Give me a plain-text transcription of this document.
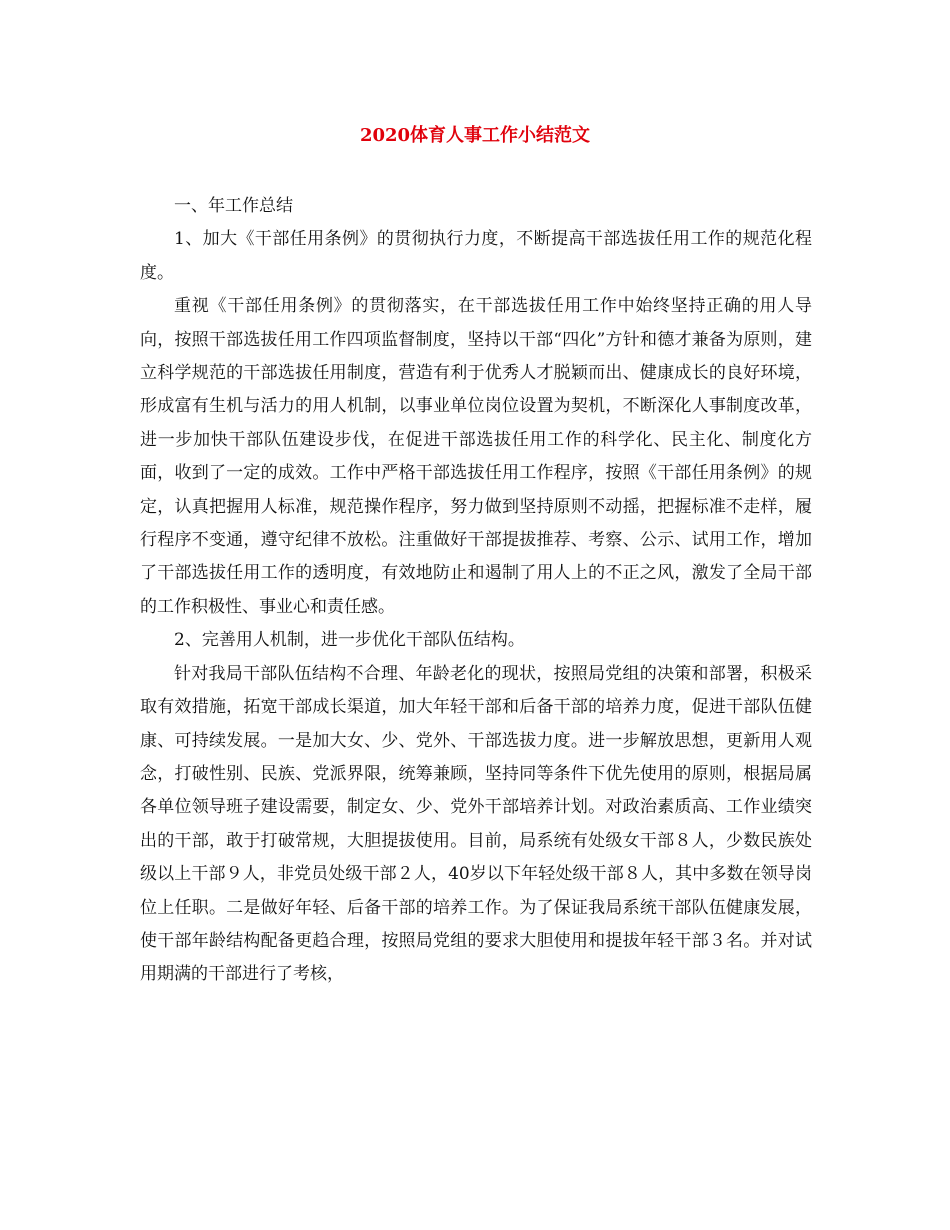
2020体育人事工作小结范文

一、年工作总结

1、加大《干部任用条例》的贯彻执行力度，不断提高干部选拔任用工作的规范化程度。

重视《干部任用条例》的贯彻落实，在干部选拔任用工作中始终坚持正确的用人导向，按照干部选拔任用工作四项监督制度，坚持以干部“四化”方针和德才兼备为原则，建立科学规范的干部选拔任用制度，营造有利于优秀人才脱颖而出、健康成长的良好环境，形成富有生机与活力的用人机制，以事业单位岗位设置为契机，不断深化人事制度改革，进一步加快干部队伍建设步伐，在促进干部选拔任用工作的科学化、民主化、制度化方面，收到了一定的成效。工作中严格干部选拔任用工作程序，按照《干部任用条例》的规定，认真把握用人标准，规范操作程序，努力做到坚持原则不动摇，把握标准不走样，履行程序不变通，遵守纪律不放松。注重做好干部提拔推荐、考察、公示、试用工作，增加了干部选拔任用工作的透明度，有效地防止和遏制了用人上的不正之风，激发了全局干部的工作积极性、事业心和责任感。

2、完善用人机制，进一步优化干部队伍结构。

针对我局干部队伍结构不合理、年龄老化的现状，按照局党组的决策和部署，积极采取有效措施，拓宽干部成长渠道，加大年轻干部和后备干部的培养力度，促进干部队伍健康、可持续发展。一是加大女、少、党外、干部选拔力度。进一步解放思想，更新用人观念，打破性别、民族、党派界限，统筹兼顾，坚持同等条件下优先使用的原则，根据局属各单位领导班子建设需要，制定女、少、党外干部培养计划。对政治素质高、工作业绩突出的干部，敢于打破常规，大胆提拔使用。目前，局系统有处级女干部８人，少数民族处级以上干部９人，非党员处级干部２人，40岁以下年轻处级干部８人，其中多数在领导岗位上任职。二是做好年轻、后备干部的培养工作。为了保证我局系统干部队伍健康发展，使干部年龄结构配备更趋合理，按照局党组的要求大胆使用和提拔年轻干部３名。并对试用期满的干部进行了考核，
